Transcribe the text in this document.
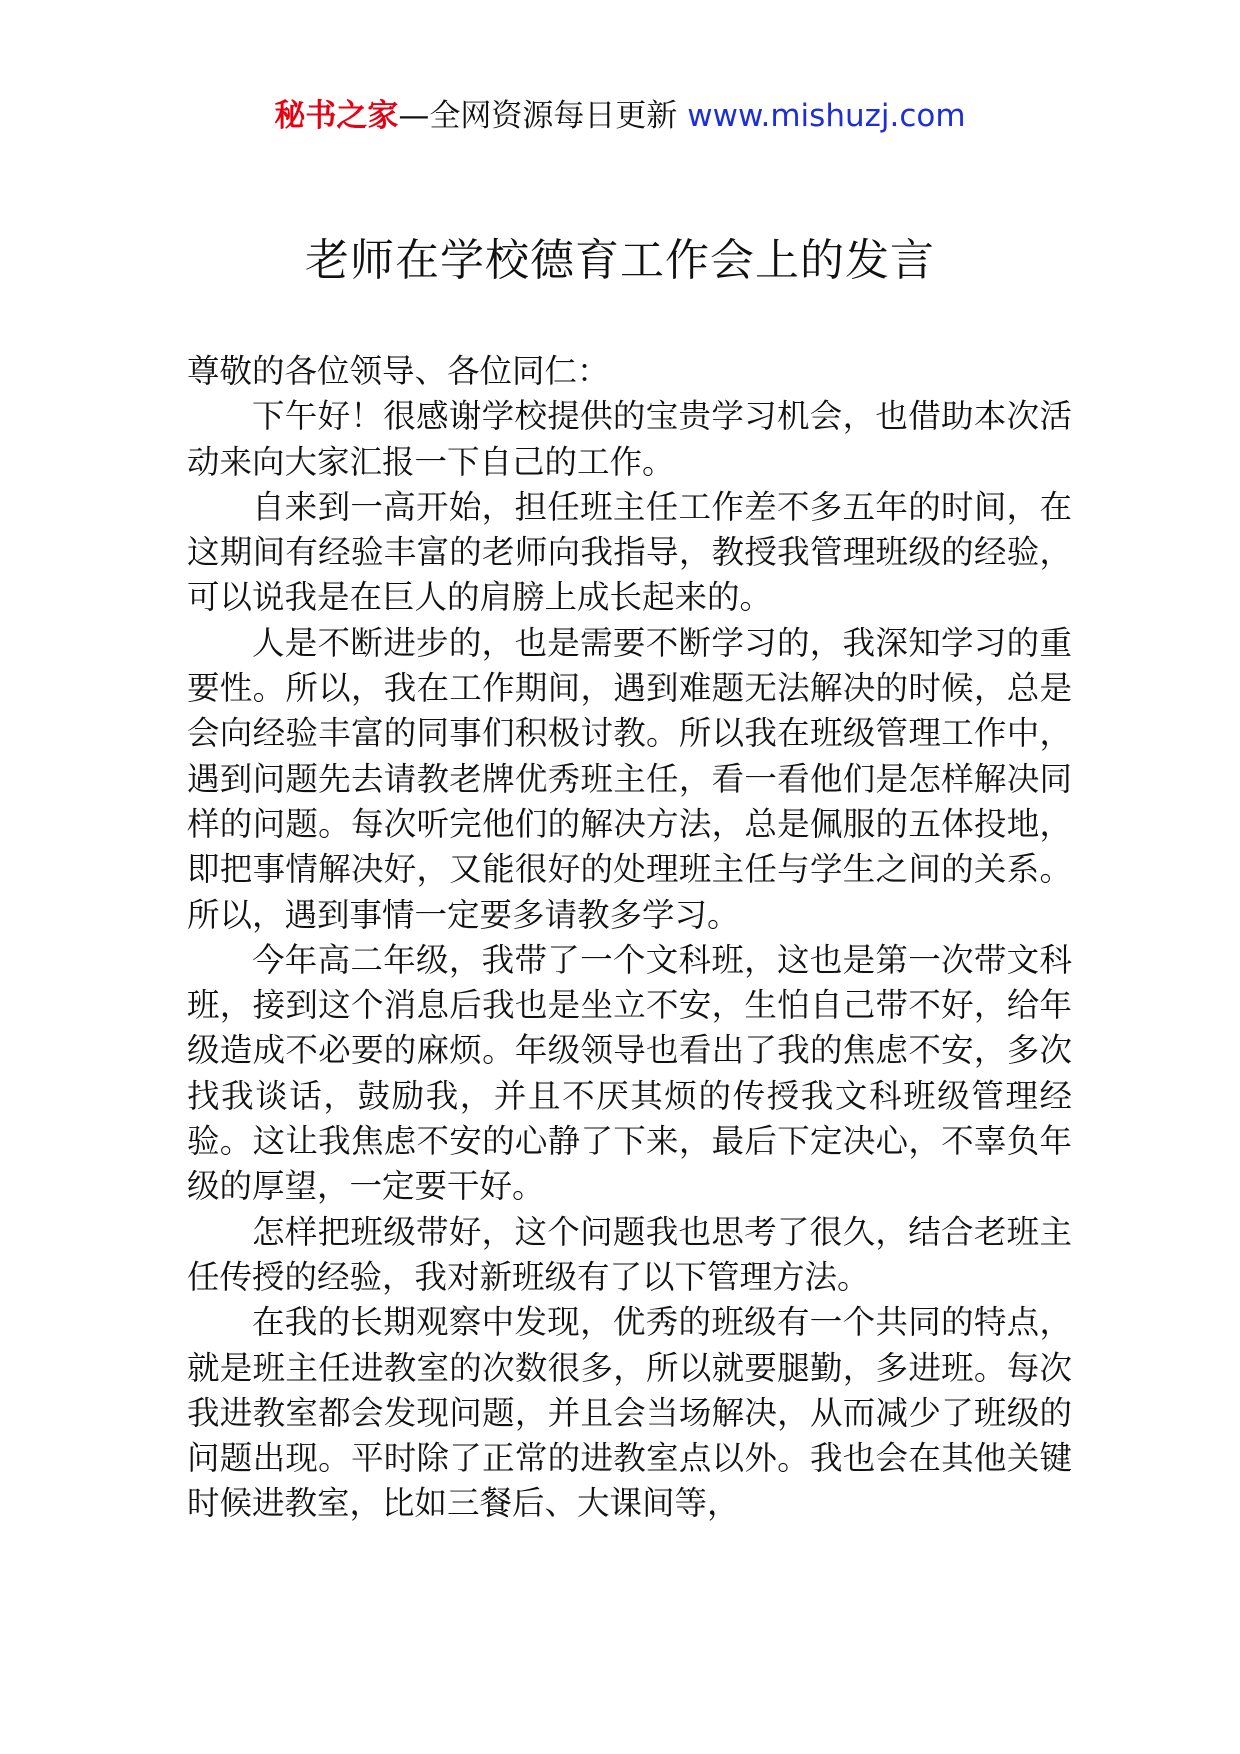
秘书之家—全网资源每日更新 www.mishuzj.com
老师在学校德育工作会上的发言

尊敬的各位领导、各位同仁：

下午好！很感谢学校提供的宝贵学习机会，也借助本次活动来向大家汇报一下自己的工作。

自来到一高开始，担任班主任工作差不多五年的时间，在这期间有经验丰富的老师向我指导，教授我管理班级的经验，可以说我是在巨人的肩膀上成长起来的。

人是不断进步的，也是需要不断学习的，我深知学习的重要性。所以，我在工作期间，遇到难题无法解决的时候，总是会向经验丰富的同事们积极讨教。所以我在班级管理工作中，遇到问题先去请教老牌优秀班主任，看一看他们是怎样解决同样的问题。每次听完他们的解决方法，总是佩服的五体投地，即把事情解决好，又能很好的处理班主任与学生之间的关系。所以，遇到事情一定要多请教多学习。

今年高二年级，我带了一个文科班，这也是第一次带文科班，接到这个消息后我也是坐立不安，生怕自己带不好，给年级造成不必要的麻烦。年级领导也看出了我的焦虑不安，多次找我谈话，鼓励我，并且不厌其烦的传授我文科班级管理经验。这让我焦虑不安的心静了下来，最后下定决心，不辜负年级的厚望，一定要干好。

怎样把班级带好，这个问题我也思考了很久，结合老班主任传授的经验，我对新班级有了以下管理方法。

在我的长期观察中发现，优秀的班级有一个共同的特点，就是班主任进教室的次数很多，所以就要腿勤，多进班。每次我进教室都会发现问题，并且会当场解决，从而减少了班级的问题出现。平时除了正常的进教室点以外。我也会在其他关键时候进教室，比如三餐后、大课间等，
